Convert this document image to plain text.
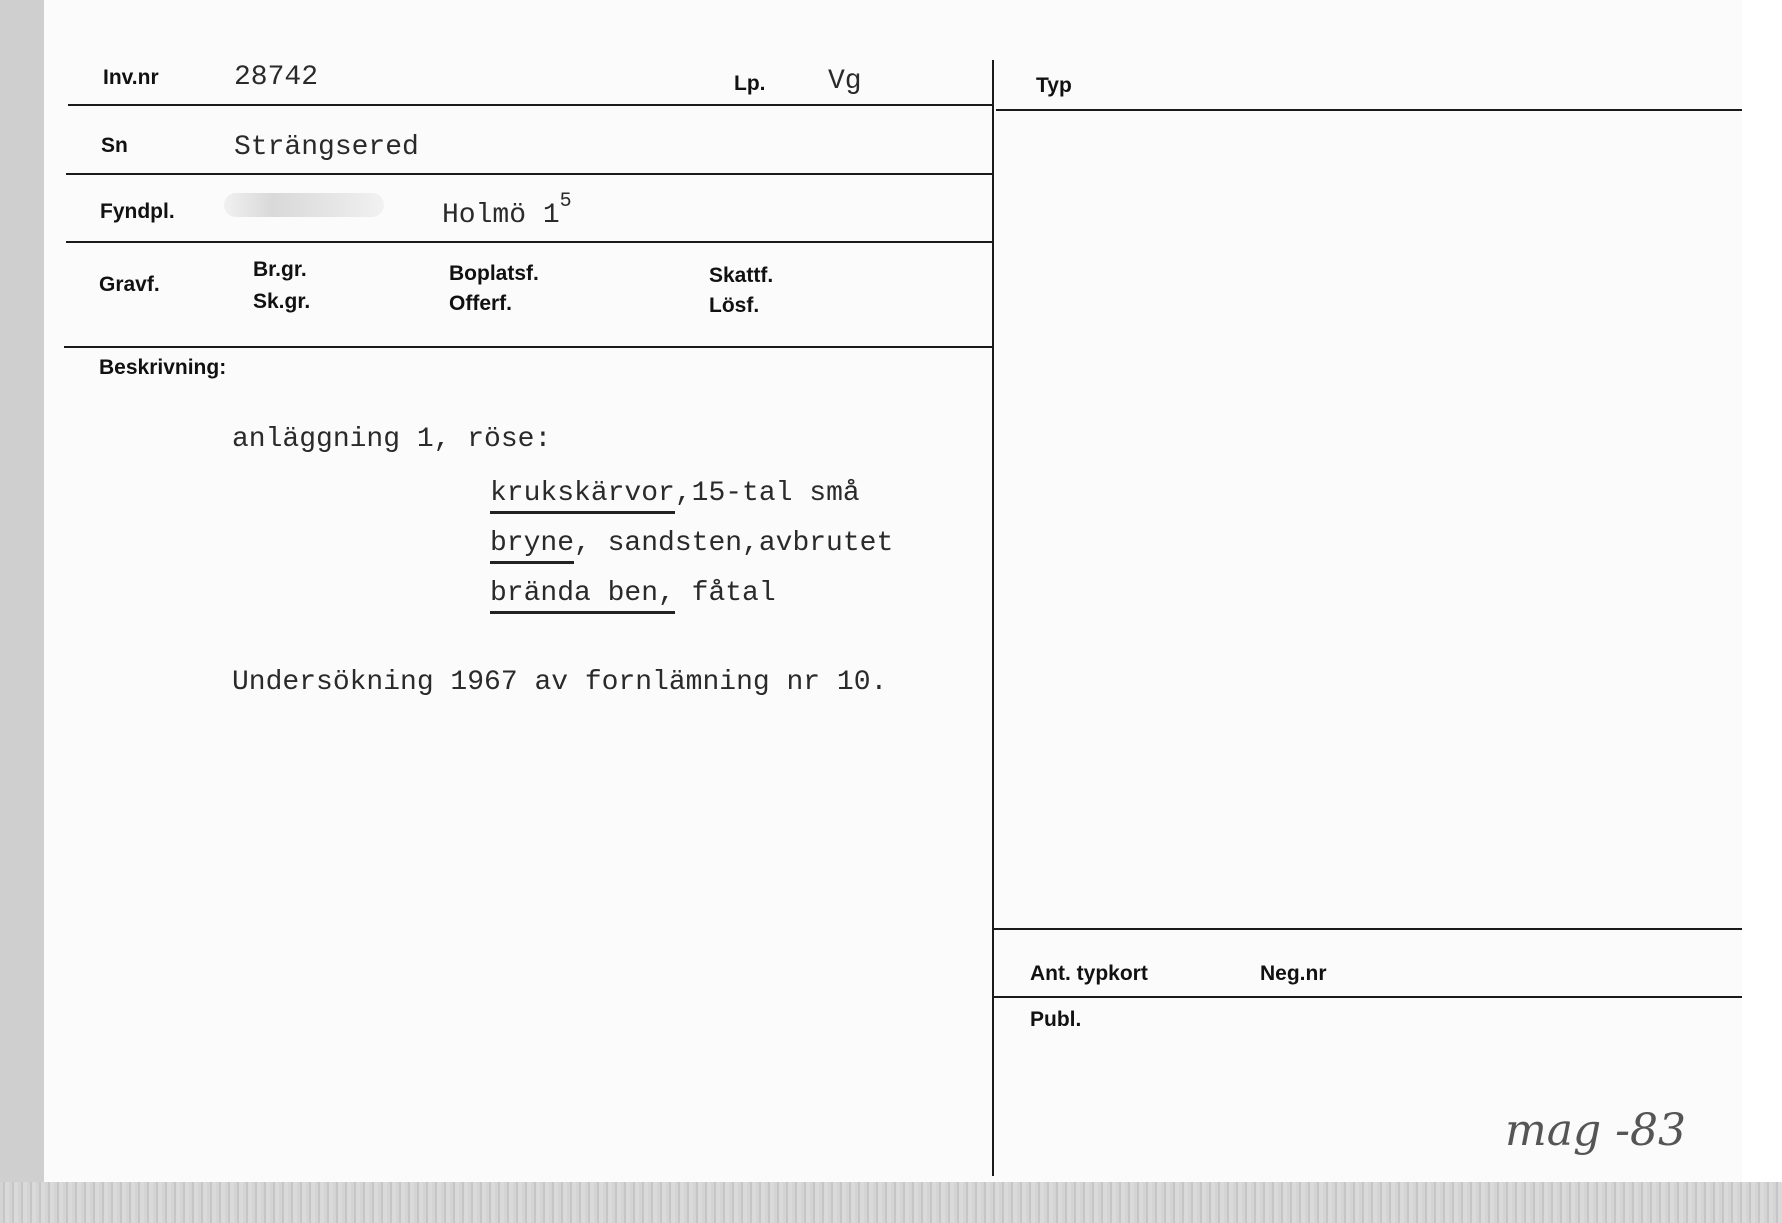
Inv.nr	28742	Lp. Vg	Typ
Sn	Strängsered
Fyndpl.	Holmö $1^5$
Gravf.
Br.gr.
Sk.gr.
Boplatsf.
Offerf.
Skattf.
Lösf.
Beskrivning:
anläggning 1, röse:
krukskärvor,15-tal små
bryne, sandsten,avbrutet
brända ben, fåtal
Undersökning 1967 av fornlämning nr 10.
Ant. typkort	Neg.nr
Publ.
mag -83
